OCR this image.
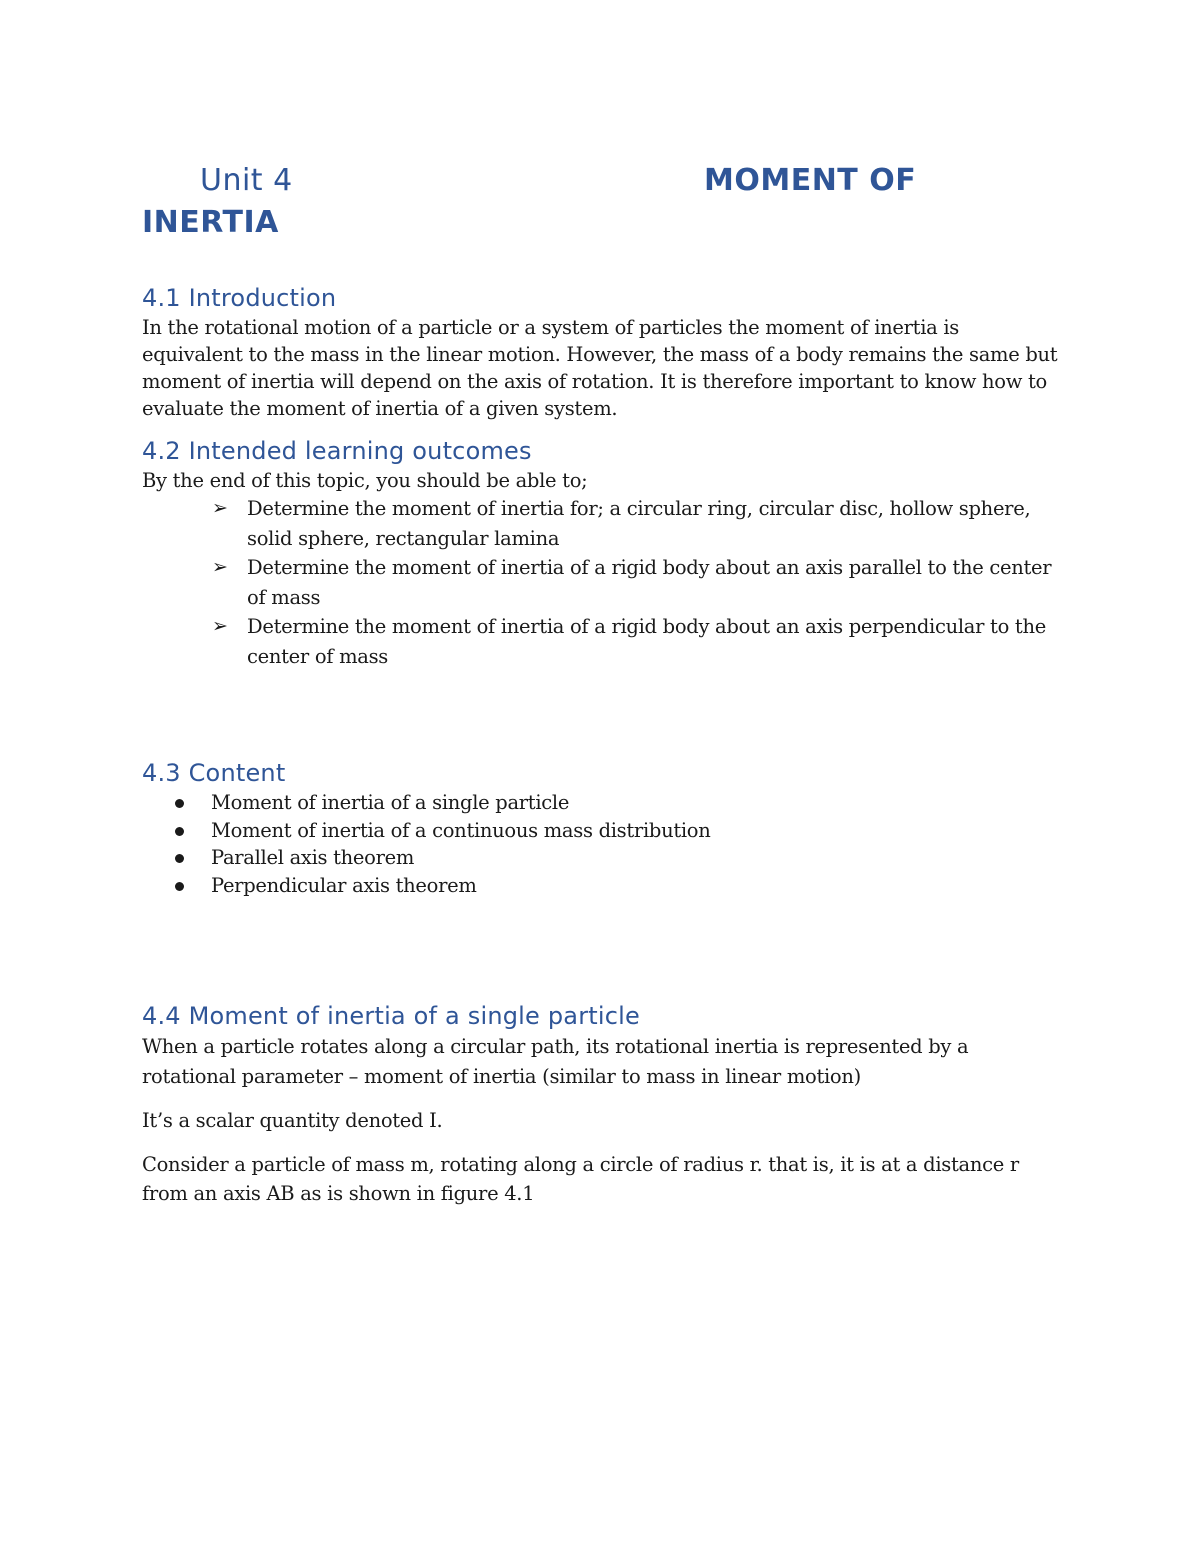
Unit 4	MOMENT OF
INERTIA
4.1 Introduction

In the rotational motion of a particle or a system of particles the moment of inertia is equivalent to the mass in the linear motion. However, the mass of a body remains the same but moment of inertia will depend on the axis of rotation. It is therefore important to know how to evaluate the moment of inertia of a given system.

4.2 Intended learning outcomes

By the end of this topic, you should be able to;

➢ Determine the moment of inertia for; a circular ring, circular disc, hollow sphere, solid sphere, rectangular lamina
➢ Determine the moment of inertia of a rigid body about an axis parallel to the center of mass
➢ Determine the moment of inertia of a rigid body about an axis perpendicular to the center of mass
4.3 Content
Moment of inertia of a single particle
Moment of inertia of a continuous mass distribution
Parallel axis theorem
Perpendicular axis theorem
4.4 Moment of inertia of a single particle

When a particle rotates along a circular path, its rotational inertia is represented by a rotational parameter – moment of inertia (similar to mass in linear motion)

It’s a scalar quantity denoted I.

Consider a particle of mass m, rotating along a circle of radius r. that is, it is at a distance r from an axis AB as is shown in figure 4.1
